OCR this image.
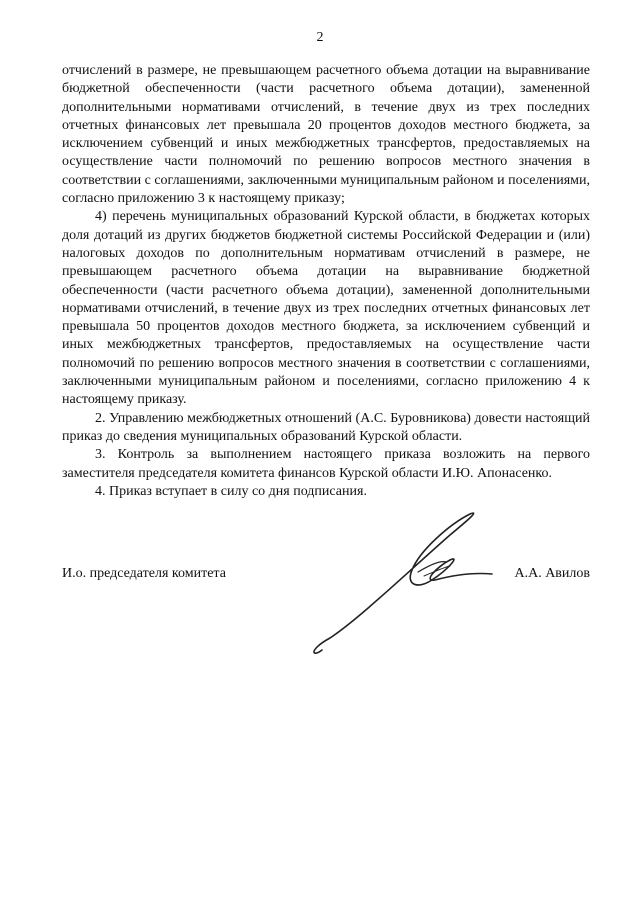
2

отчислений в размере, не превышающем расчетного объема дотации на выравнивание бюджетной обеспеченности (части расчетного объема дотации), замененной дополнительными нормативами отчислений, в течение двух из трех последних отчетных финансовых лет превышала 20 процентов доходов местного бюджета, за исключением субвенций и иных межбюджетных трансфертов, предоставляемых на осуществление части полномочий по решению вопросов местного значения в соответствии с соглашениями, заключенными муниципальным районом и поселениями, согласно приложению 3 к настоящему приказу;

4) перечень муниципальных образований Курской области, в бюджетах которых доля дотаций из других бюджетов бюджетной системы Российской Федерации и (или) налоговых доходов по дополнительным нормативам отчислений в размере, не превышающем расчетного объема дотации на выравнивание бюджетной обеспеченности (части расчетного объема дотации), замененной дополнительными нормативами отчислений, в течение двух из трех последних отчетных финансовых лет превышала 50 процентов доходов местного бюджета, за исключением субвенций и иных межбюджетных трансфертов, предоставляемых на осуществление части полномочий по решению вопросов местного значения в соответствии с соглашениями, заключенными муниципальным районом и поселениями, согласно приложению 4 к настоящему приказу.

2. Управлению межбюджетных отношений (А.С. Буровникова) довести настоящий приказ до сведения муниципальных образований Курской области.

3. Контроль за выполнением настоящего приказа возложить на первого заместителя председателя комитета финансов Курской области И.Ю. Апонасенко.

4. Приказ вступает в силу со дня подписания.

И.о. председателя комитета	А.А. Авилов
